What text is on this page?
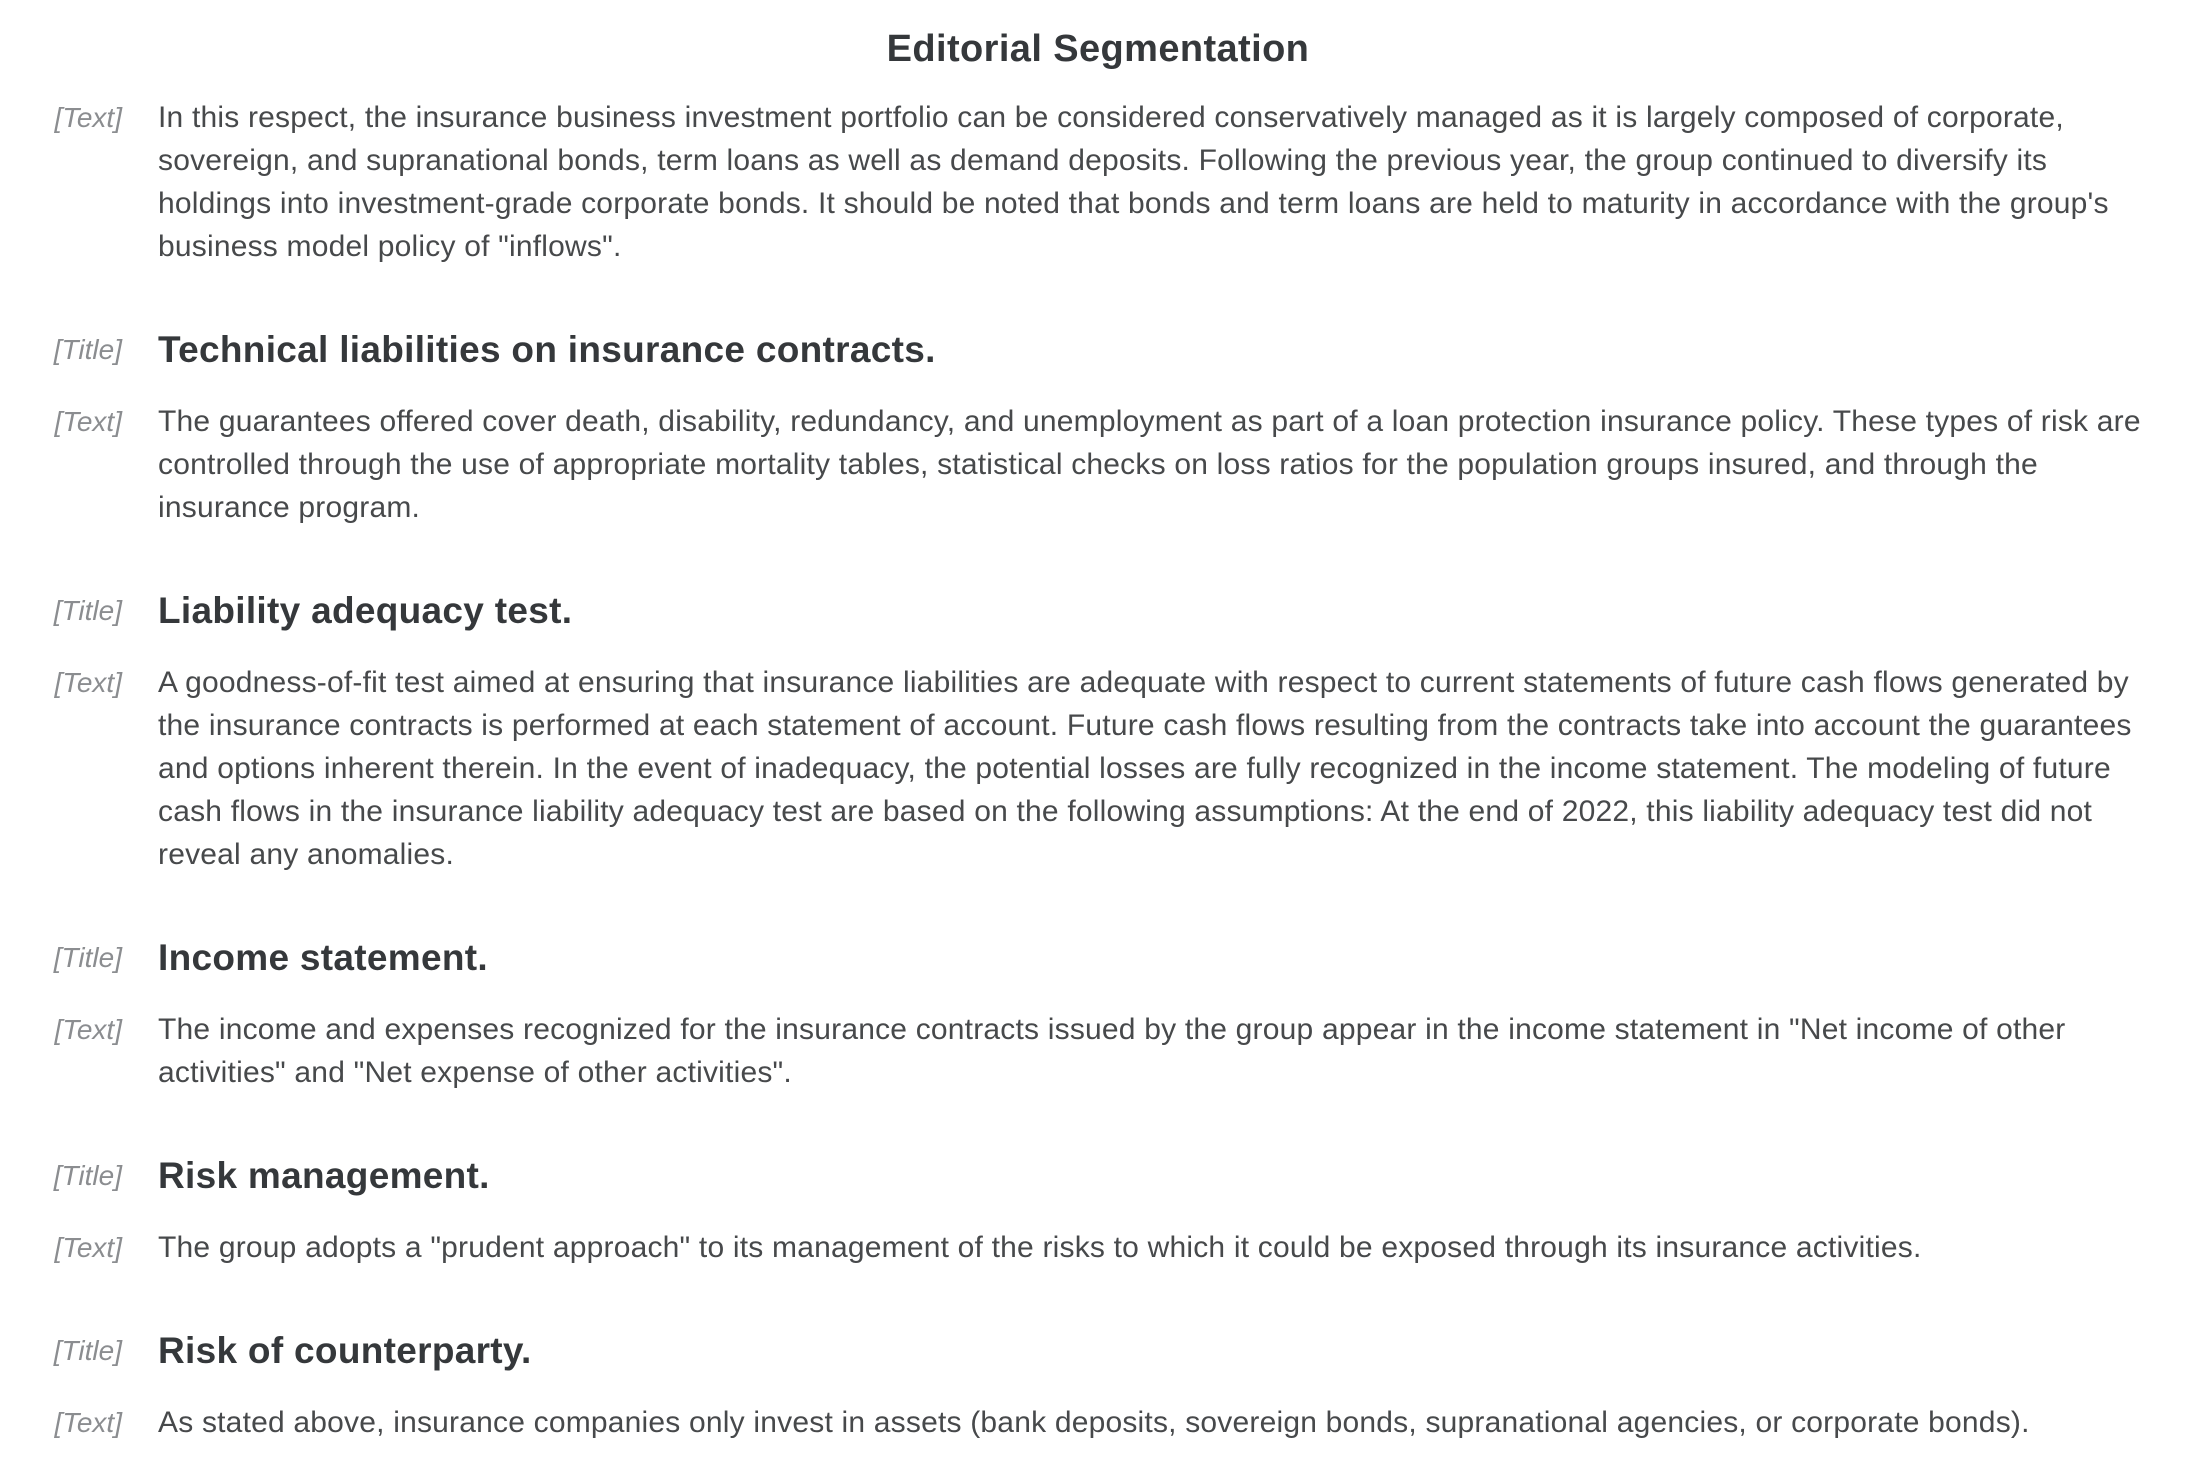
Editorial Segmentation
[Text] In this respect, the insurance business investment portfolio can be considered conservatively managed as it is largely composed of corporate, sovereign, and supranational bonds, term loans as well as demand deposits. Following the previous year, the group continued to diversify its holdings into investment-grade corporate bonds. It should be noted that bonds and term loans are held to maturity in accordance with the group's business model policy of "inflows".
[Title] Technical liabilities on insurance contracts.
[Text] The guarantees offered cover death, disability, redundancy, and unemployment as part of a loan protection insurance policy. These types of risk are controlled through the use of appropriate mortality tables, statistical checks on loss ratios for the population groups insured, and through the insurance program.
[Title] Liability adequacy test.
[Text] A goodness-of-fit test aimed at ensuring that insurance liabilities are adequate with respect to current statements of future cash flows generated by the insurance contracts is performed at each statement of account. Future cash flows resulting from the contracts take into account the guarantees and options inherent therein. In the event of inadequacy, the potential losses are fully recognized in the income statement. The modeling of future cash flows in the insurance liability adequacy test are based on the following assumptions: At the end of 2022, this liability adequacy test did not reveal any anomalies.
[Title] Income statement.
[Text] The income and expenses recognized for the insurance contracts issued by the group appear in the income statement in "Net income of other activities" and "Net expense of other activities".
[Title] Risk management.
[Text] The group adopts a "prudent approach" to its management of the risks to which it could be exposed through its insurance activities.
[Title] Risk of counterparty.
[Text] As stated above, insurance companies only invest in assets (bank deposits, sovereign bonds, supranational agencies, or corporate bonds).
